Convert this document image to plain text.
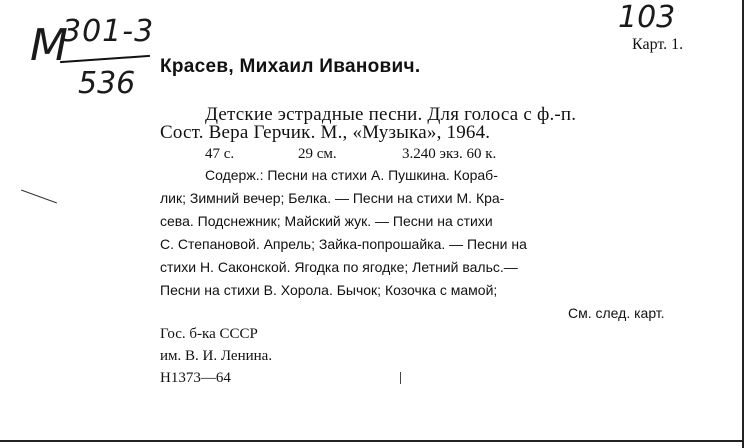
М
301-3
536
103
Карт. 1.
Красев, Михаил Иванович.
Детские эстрадные песни. Для голоса с ф.-п.
Сост. Вера Герчик. М., «Музыка», 1964.
47 с.	29 см.	3.240 экз. 60 к.
Содерж.: Песни на стихи А. Пушкина. Кораб-
лик; Зимний вечер; Белка. — Песни на стихи М. Кра-
сева. Подснежник; Майский жук. — Песни на стихи
С. Степановой. Апрель; Зайка-попрошайка. — Песни на
стихи Н. Саконской. Ягодка по ягодке; Летний вальс.—
Песни на стихи В. Хорола. Бычок; Козочка с мамой;
См. след. карт.
Гос. б-ка СССР
им. В. И. Ленина.
Н1373—64
